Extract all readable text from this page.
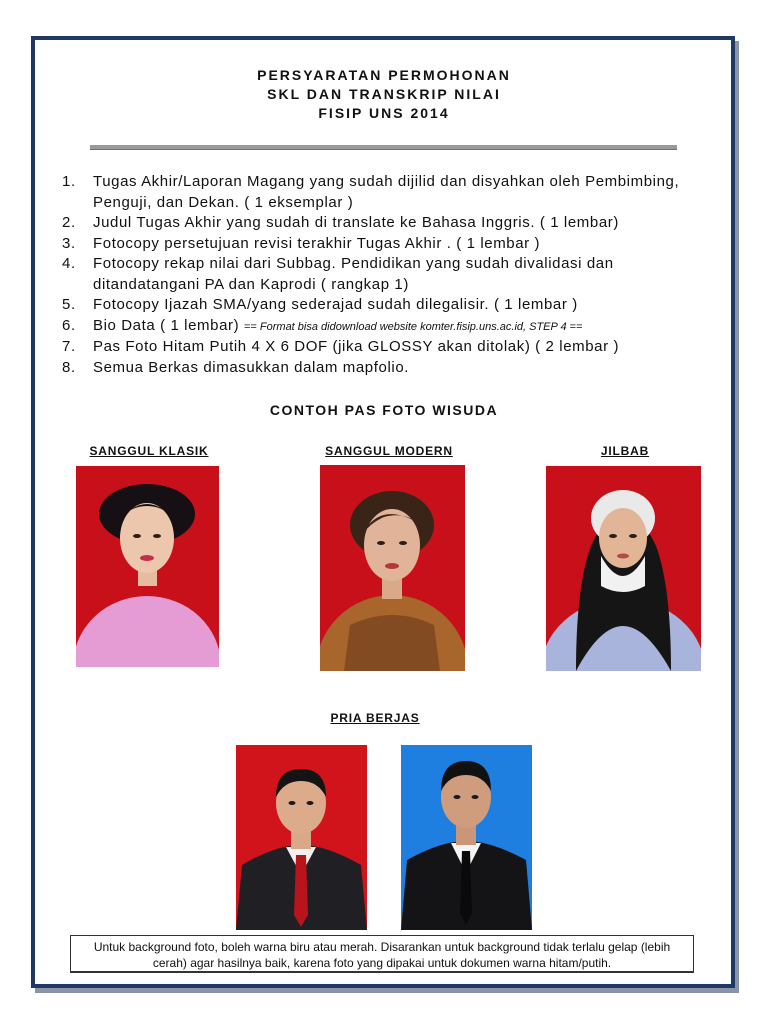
PERSYARATAN PERMOHONAN
SKL DAN TRANSKRIP NILAI
FISIP UNS 2014
1. Tugas Akhir/Laporan Magang yang sudah dijilid dan disyahkan oleh Pembimbing, Penguji, dan Dekan. ( 1 eksemplar )
2. Judul Tugas Akhir yang sudah di translate ke Bahasa Inggris. ( 1 lembar)
3. Fotocopy persetujuan revisi terakhir Tugas Akhir . ( 1 lembar )
4. Fotocopy rekap nilai dari Subbag. Pendidikan yang sudah divalidasi dan ditandatangani PA dan Kaprodi ( rangkap 1)
5. Fotocopy Ijazah SMA/yang sederajad sudah dilegalisir. ( 1 lembar )
6. Bio Data ( 1 lembar) == Format bisa didownload website komter.fisip.uns.ac.id, STEP 4 ==
7. Pas Foto Hitam Putih 4 X 6 DOF (jika GLOSSY akan ditolak) ( 2 lembar )
8. Semua Berkas dimasukkan dalam mapfolio.
CONTOH PAS FOTO WISUDA
SANGGUL KLASIK	SANGGUL MODERN	JILBAB
PRIA BERJAS
Untuk background foto, boleh warna biru atau merah. Disarankan untuk background tidak terlalu gelap (lebih cerah) agar hasilnya baik, karena foto yang dipakai untuk dokumen warna hitam/putih.
